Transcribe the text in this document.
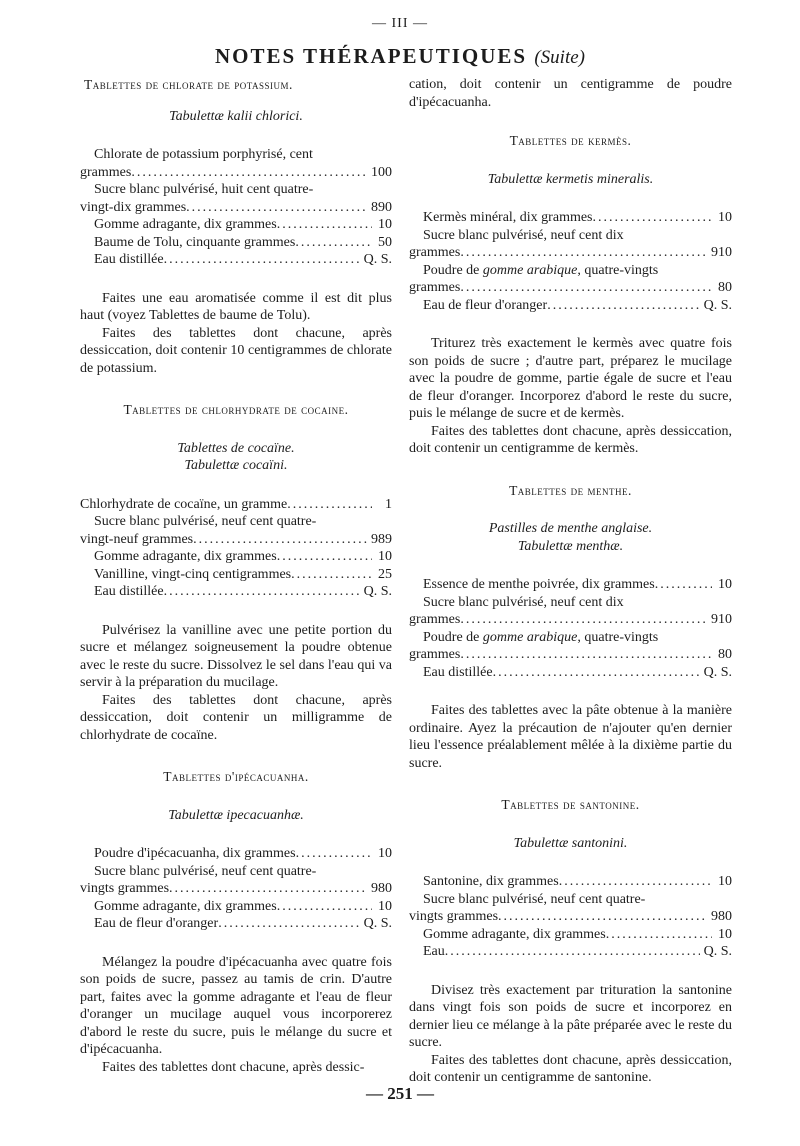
— III —
NOTES THÉRAPEUTIQUES (Suite)

Tablettes de chlorate de potassium.

Tabulettæ kalii chlorici.

Chlorate de potassium porphyrisé, cent
grammes .....	100
Sucre blanc pulvérisé, huit cent quatre-
vingt-dix grammes .....	890
Gomme adragante, dix grammes .....	10
Baume de Tolu, cinquante grammes .....	50
Eau distillée .....	Q. S.

Faites une eau aromatisée comme il est dit plus haut (voyez Tablettes de baume de Tolu).

Faites des tablettes dont chacune, après dessiccation, doit contenir 10 centigrammes de chlorate de potassium.

Tablettes de chlorhydrate de cocaine.

Tablettes de cocaïne.

Tabulettæ cocaïni.

Chlorhydrate de cocaïne, un gramme .....	1
Sucre blanc pulvérisé, neuf cent quatre-
vingt-neuf grammes .....	989
Gomme adragante, dix grammes .....	10
Vanilline, vingt-cinq centigrammes .....	25
Eau distillée .....	Q. S.

Pulvérisez la vanilline avec une petite portion du sucre et mélangez soigneusement la poudre obtenue avec le reste du sucre. Dissolvez le sel dans l'eau qui va servir à la préparation du mucilage.

Faites des tablettes dont chacune, après dessiccation, doit contenir un milligramme de chlorhydrate de cocaïne.

Tablettes d'ipécacuanha.

Tabulettæ ipecacuanhæ.

Poudre d'ipécacuanha, dix grammes .....	10
Sucre blanc pulvérisé, neuf cent quatre-
vingts grammes .....	980
Gomme adragante, dix grammes .....	10
Eau de fleur d'oranger .....	Q. S.

Mélangez la poudre d'ipécacuanha avec quatre fois son poids de sucre, passez au tamis de crin. D'autre part, faites avec la gomme adragante et l'eau de fleur d'oranger un mucilage auquel vous incorporerez d'abord le reste du sucre, puis le mélange du sucre et d'ipécacuanha.

Faites des tablettes dont chacune, après dessic-

cation, doit contenir un centigramme de poudre d'ipécacuanha.

Tablettes de kermès.

Tabulettæ kermetis mineralis.

Kermès minéral, dix grammes .....	10
Sucre blanc pulvérisé, neuf cent dix
grammes .....	910
Poudre de gomme arabique, quatre-vingts
grammes .....	80
Eau de fleur d'oranger .....	Q. S.

Triturez très exactement le kermès avec quatre fois son poids de sucre ; d'autre part, préparez le mucilage avec la poudre de gomme, partie égale de sucre et l'eau de fleur d'oranger. Incorporez d'abord le reste du sucre, puis le mélange de sucre et de kermès.

Faites des tablettes dont chacune, après dessiccation, doit contenir un centigramme de kermès.

Tablettes de menthe.

Pastilles de menthe anglaise.

Tabulettæ menthæ.

Essence de menthe poivrée, dix grammes .....	10
Sucre blanc pulvérisé, neuf cent dix
grammes .....	910
Poudre de gomme arabique, quatre-vingts
grammes .....	80
Eau distillée .....	Q. S.

Faites des tablettes avec la pâte obtenue à la manière ordinaire. Ayez la précaution de n'ajouter qu'en dernier lieu l'essence préalablement mêlée à la dixième partie du sucre.

Tablettes de santonine.

Tabulettæ santonini.

Santonine, dix grammes .....	10
Sucre blanc pulvérisé, neuf cent quatre-
vingts grammes .....	980
Gomme adragante, dix grammes .....	10
Eau .....	Q. S.

Divisez très exactement par trituration la santonine dans vingt fois son poids de sucre et incorporez en dernier lieu ce mélange à la pâte préparée avec le reste du sucre.

Faites des tablettes dont chacune, après dessiccation, doit contenir un centigramme de santonine.

— 251 —
